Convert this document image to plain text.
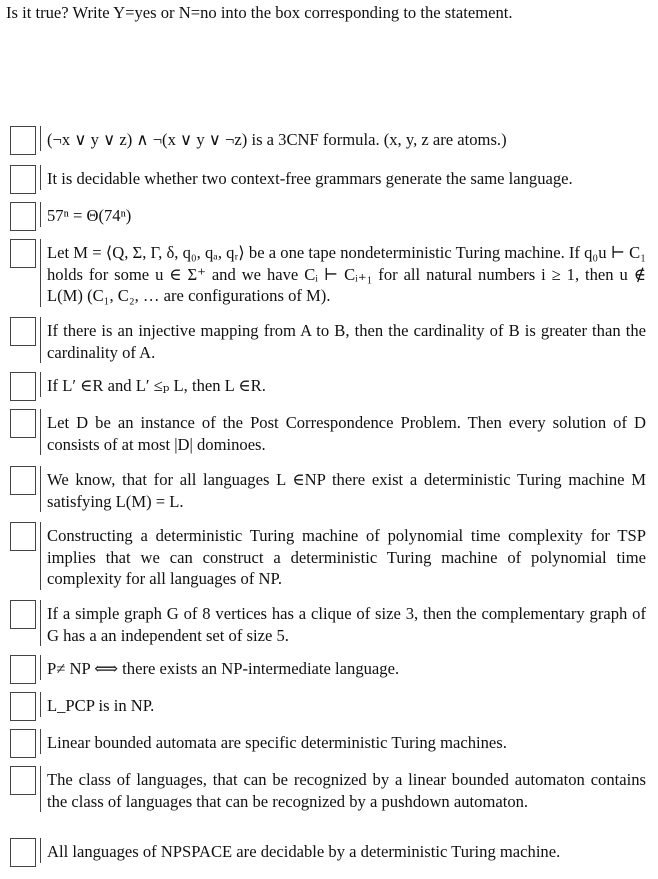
Is it true? Write Y=yes or N=no into the box corresponding to the statement.
(¬x ∨ y ∨ z) ∧ ¬(x ∨ y ∨ ¬z) is a 3CNF formula. (x, y, z are atoms.)
It is decidable whether two context-free grammars generate the same language.
57ⁿ = Θ(74ⁿ)
Let M = ⟨Q, Σ, Γ, δ, q₀, qₐ, qᵣ⟩ be a one tape nondeterministic Turing machine. If q₀u ⊢ C₁ holds for some u ∈ Σ⁺ and we have Cᵢ ⊢ Cᵢ₊₁ for all natural numbers i ≥ 1, then u ∉ L(M) (C₁, C₂, … are configurations of M).
If there is an injective mapping from A to B, then the cardinality of B is greater than the cardinality of A.
If L′ ∈R and L′ ≤ₚ L, then L ∈R.
Let D be an instance of the Post Correspondence Problem. Then every solution of D consists of at most |D| dominoes.
We know, that for all languages L ∈NP there exist a deterministic Turing machine M satisfying L(M) = L.
Constructing a deterministic Turing machine of polynomial time complexity for TSP implies that we can construct a deterministic Turing machine of polynomial time complexity for all languages of NP.
If a simple graph G of 8 vertices has a clique of size 3, then the complementary graph of G has a an independent set of size 5.
P≠ NP ⟺ there exists an NP-intermediate language.
L_PCP is in NP.
Linear bounded automata are specific deterministic Turing machines.
The class of languages, that can be recognized by a linear bounded automaton contains the class of languages that can be recognized by a pushdown automaton.
All languages of NPSPACE are decidable by a deterministic Turing machine.
